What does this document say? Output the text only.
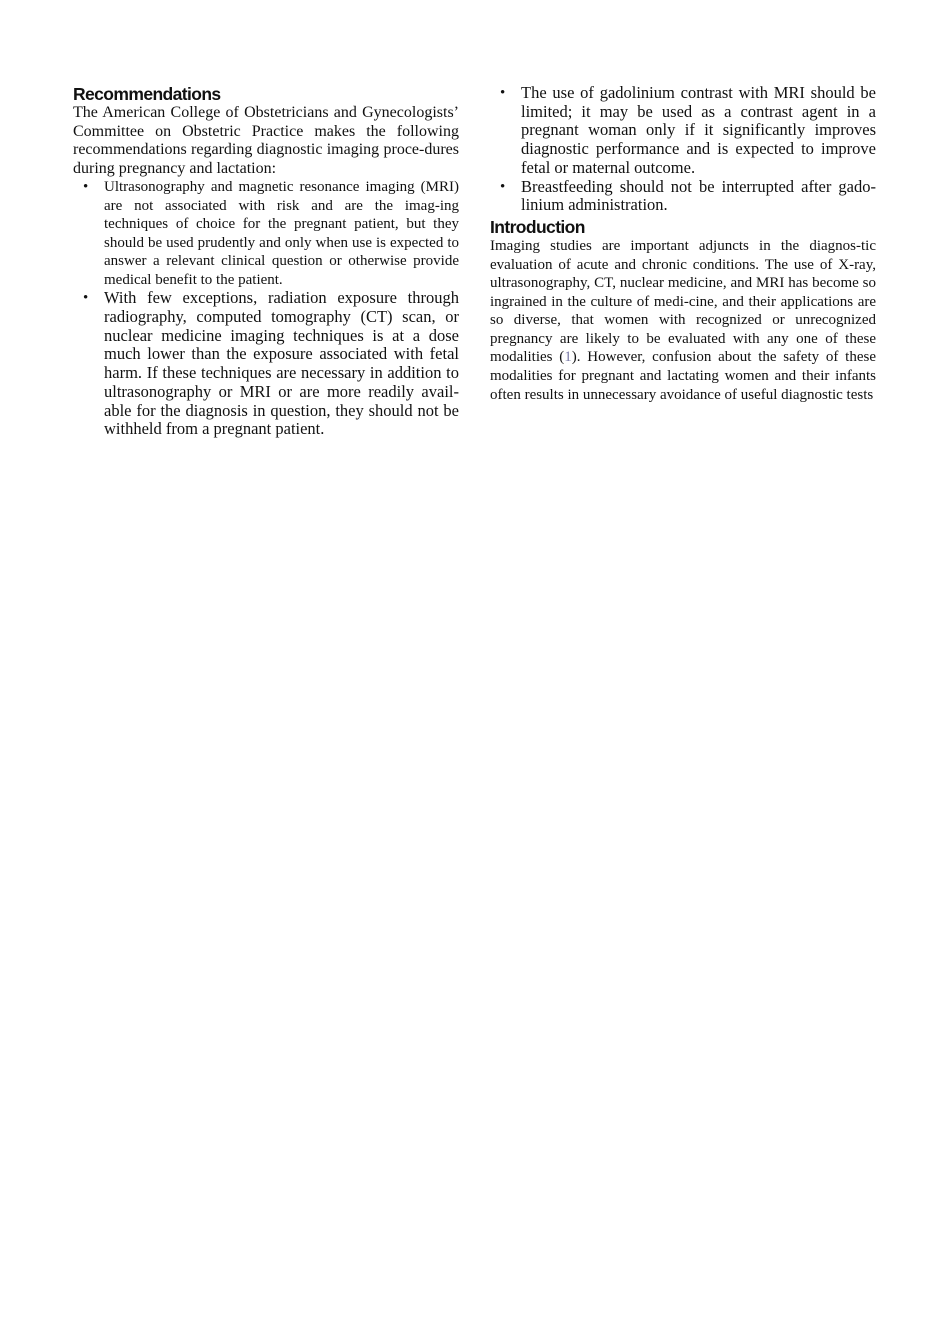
Recommendations

The American College of Obstetricians and Gynecologists’ Committee on Obstetric Practice makes the following recommendations regarding diagnostic imaging proce-dures during pregnancy and lactation:

• Ultrasonography and magnetic resonance imaging (MRI) are not associated with risk and are the imag-ing techniques of choice for the pregnant patient, but they should be used prudently and only when use is expected to answer a relevant clinical question or otherwise provide medical benefit to the patient.
• With few exceptions, radiation exposure through radiography, computed tomography (CT) scan, or nuclear medicine imaging techniques is at a dose much lower than the exposure associated with fetal harm. If these techniques are necessary in addition to ultrasonography or MRI or are more readily avail-able for the diagnosis in question, they should not be withheld from a pregnant patient.
• The use of gadolinium contrast with MRI should be limited; it may be used as a contrast agent in a pregnant woman only if it significantly improves diagnostic performance and is expected to improve fetal or maternal outcome.
• Breastfeeding should not be interrupted after gado-linium administration.
Introduction

Imaging studies are important adjuncts in the diagnos-tic evaluation of acute and chronic conditions. The use of X-ray, ultrasonography, CT, nuclear medicine, and MRI has become so ingrained in the culture of medi-cine, and their applications are so diverse, that women with recognized or unrecognized pregnancy are likely to be evaluated with any one of these modalities (1). However, confusion about the safety of these modalities for pregnant and lactating women and their infants often results in unnecessary avoidance of useful diagnostic tests
